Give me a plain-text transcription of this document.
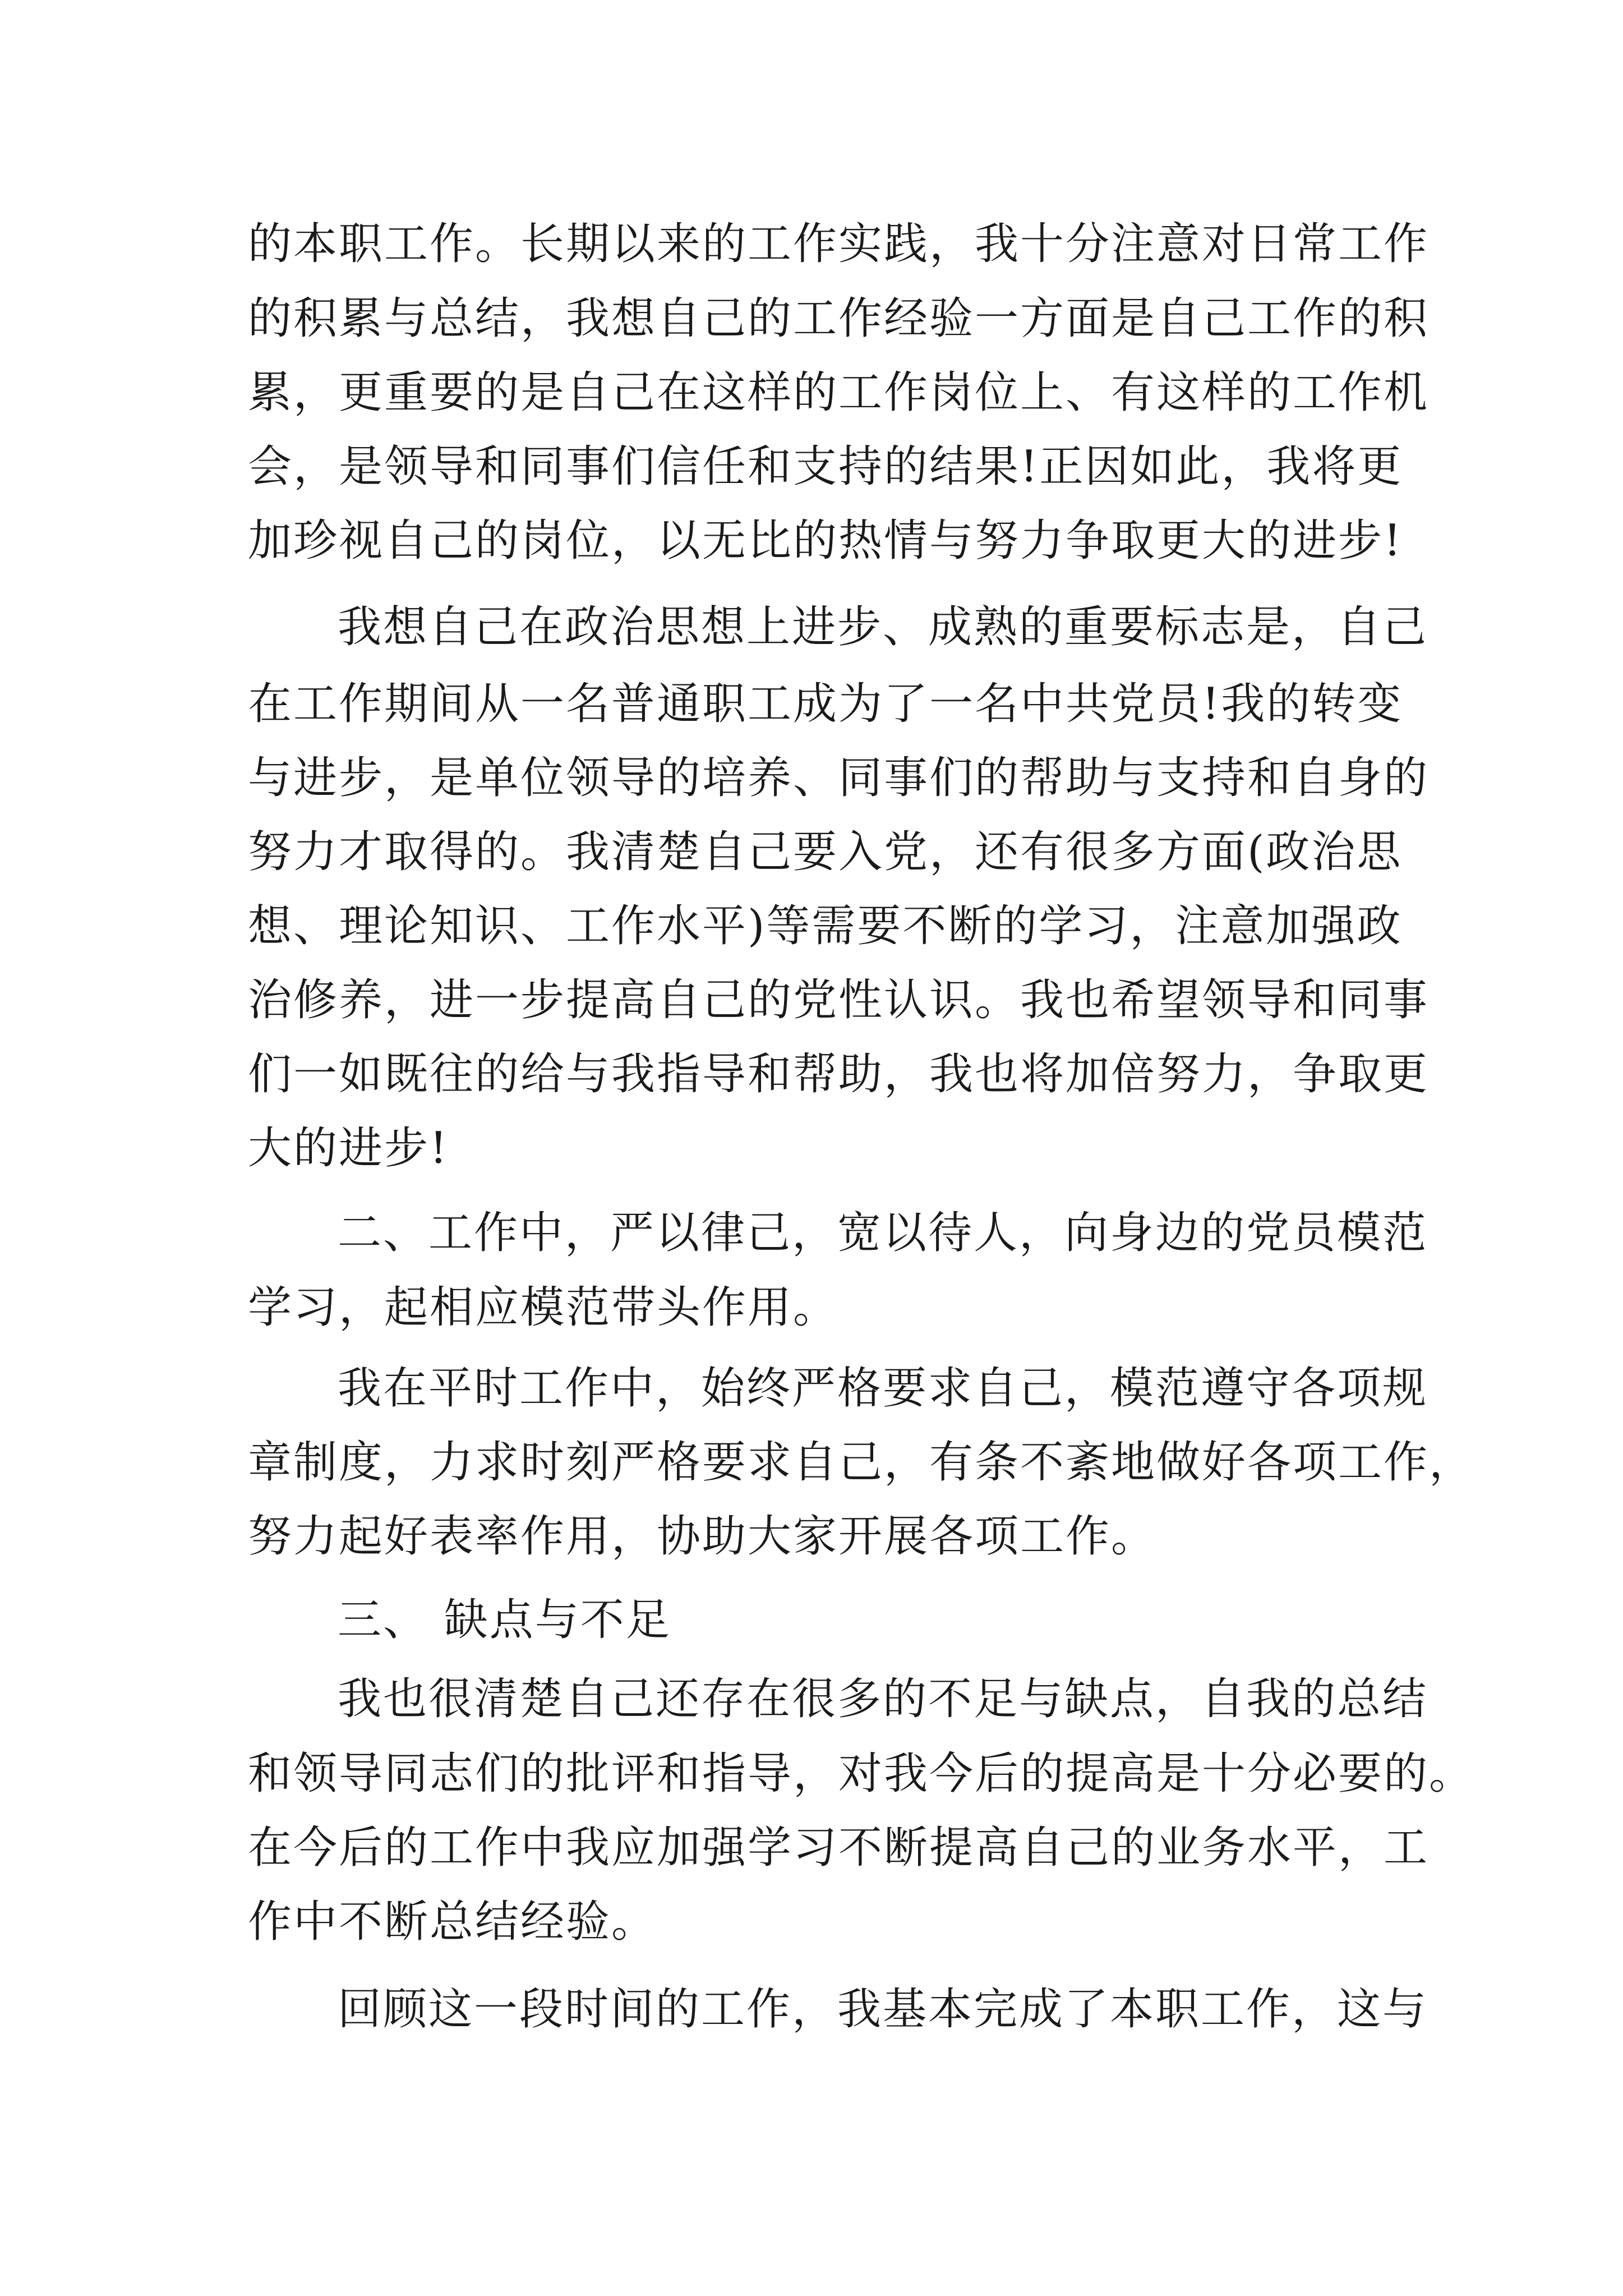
的本职工作。长期以来的工作实践，我十分注意对日常工作
的积累与总结，我想自己的工作经验一方面是自己工作的积
累，更重要的是自己在这样的工作岗位上、有这样的工作机
会，是领导和同事们信任和支持的结果!正因如此，我将更
加珍视自己的岗位，以无比的热情与努力争取更大的进步!
我想自己在政治思想上进步、成熟的重要标志是，自己
在工作期间从一名普通职工成为了一名中共党员!我的转变
与进步，是单位领导的培养、同事们的帮助与支持和自身的
努力才取得的。我清楚自己要入党，还有很多方面(政治思
想、理论知识、工作水平)等需要不断的学习，注意加强政
治修养，进一步提高自己的党性认识。我也希望领导和同事
们一如既往的给与我指导和帮助，我也将加倍努力，争取更
大的进步!
二、工作中，严以律己，宽以待人，向身边的党员模范
学习，起相应模范带头作用。
我在平时工作中，始终严格要求自己，模范遵守各项规
章制度，力求时刻严格要求自己，有条不紊地做好各项工作，
努力起好表率作用，协助大家开展各项工作。
三、 缺点与不足
我也很清楚自己还存在很多的不足与缺点，自我的总结
和领导同志们的批评和指导，对我今后的提高是十分必要的。
在今后的工作中我应加强学习不断提高自己的业务水平，工
作中不断总结经验。
回顾这一段时间的工作，我基本完成了本职工作，这与
